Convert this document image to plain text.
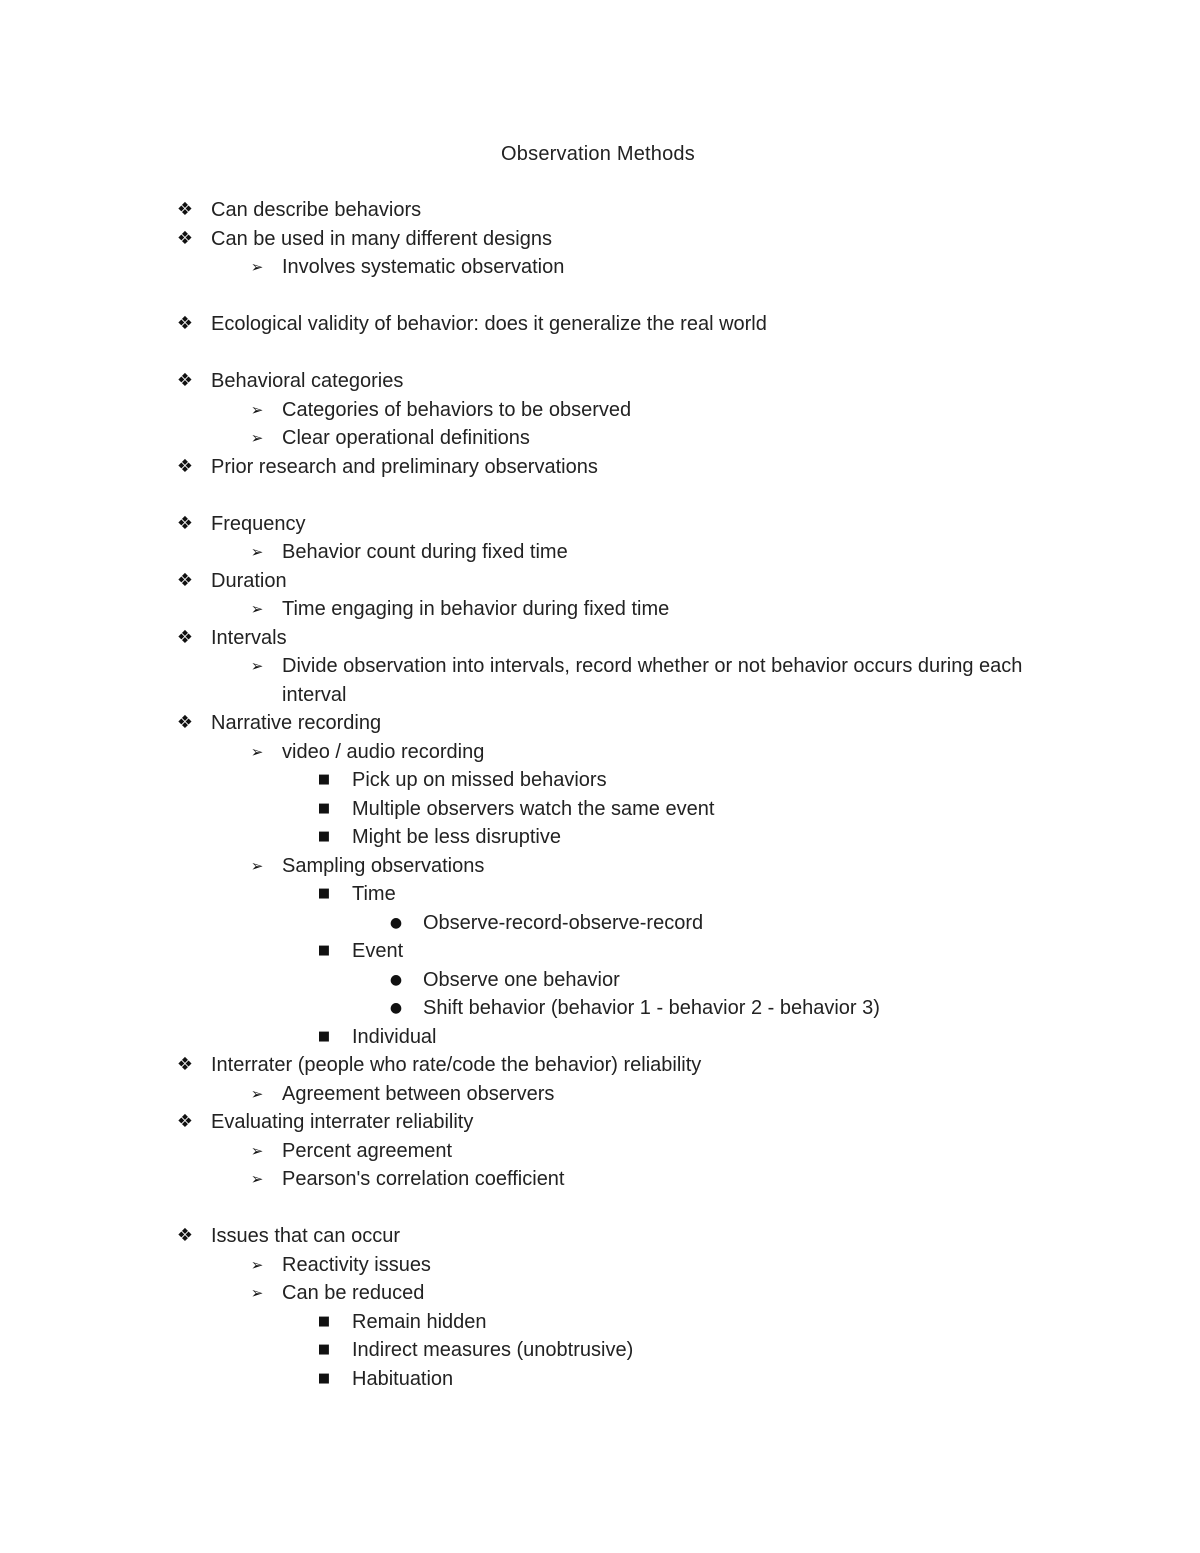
Observation Methods
❖ Can describe behaviors
❖ Can be used in many different designs
➢ Involves systematic observation
❖ Ecological validity of behavior: does it generalize the real world
❖ Behavioral categories
➢ Categories of behaviors to be observed
➢ Clear operational definitions
❖ Prior research and preliminary observations
❖ Frequency
➢ Behavior count during fixed time
❖ Duration
➢ Time engaging in behavior during fixed time
❖ Intervals
➢ Divide observation into intervals, record whether or not behavior occurs during each interval
❖ Narrative recording
➢ video / audio recording
■ Pick up on missed behaviors
■ Multiple observers watch the same event
■ Might be less disruptive
➢ Sampling observations
■ Time
● Observe-record-observe-record
■ Event
● Observe one behavior
● Shift behavior (behavior 1 - behavior 2 - behavior 3)
■ Individual
❖ Interrater (people who rate/code the behavior) reliability
➢ Agreement between observers
❖ Evaluating interrater reliability
➢ Percent agreement
➢ Pearson's correlation coefficient
❖ Issues that can occur
➢ Reactivity issues
➢ Can be reduced
■ Remain hidden
■ Indirect measures (unobtrusive)
■ Habituation
